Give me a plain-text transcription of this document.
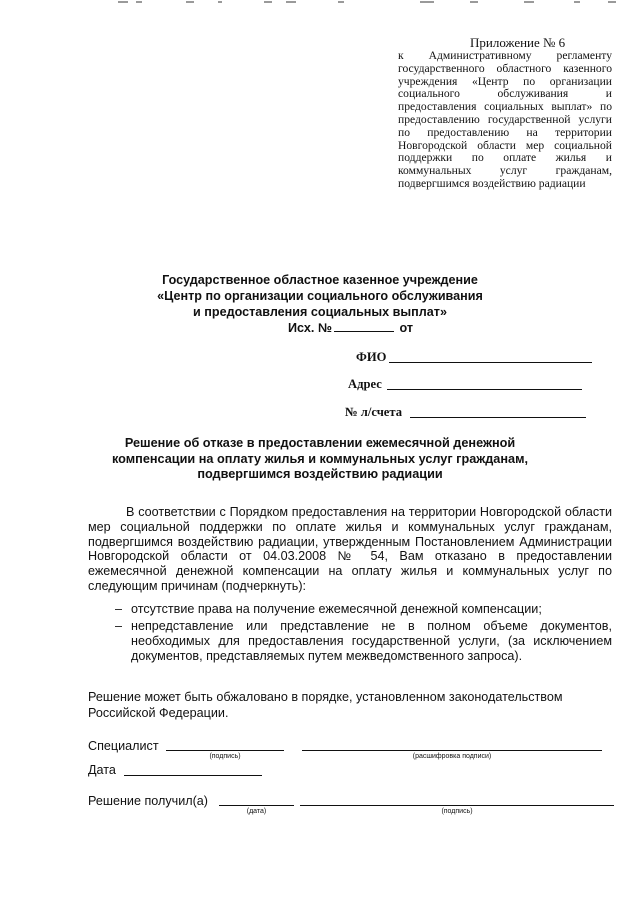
Приложение № 6
к Административному регламенту государственного областного казенного учреждения «Центр по организации социального обслуживания и предоставления социальных выплат» по предоставлению государственной услуги по предоставлению на территории Новгородской области мер социальной поддержки по оплате жилья и коммунальных услуг гражданам, подвергшимся воздействию радиации
Государственное областное казенное учреждение
«Центр по организации социального обслуживания
и предоставления социальных выплат»
Исх. №	от
ФИО
Адрес
№ л/счета
Решение об отказе в предоставлении ежемесячной денежной компенсации на оплату жилья и коммунальных услуг гражданам, подвергшимся воздействию радиации

В соответствии с Порядком предоставления на территории Новгородской области мер социальной поддержки по оплате жилья и коммунальных услуг гражданам, подвергшимся воздействию радиации, утвержденным Постановлением Администрации Новгородской области от 04.03.2008 № 54, Вам отказано в предоставлении ежемесячной денежной компенсации на оплату жилья и коммунальных услуг по следующим причинам (подчеркнуть):

– отсутствие права на получение ежемесячной денежной компенсации;
– непредставление или представление не в полном объеме документов, необходимых для предоставления государственной услуги, (за исключением документов, представляемых путем межведомственного запроса).
Решение может быть обжаловано в порядке, установленном законодательством Российской Федерации.
Специалист
(подпись)	(расшифровка подписи)
Дата
Решение получил(а)
(дата)	(подпись)
